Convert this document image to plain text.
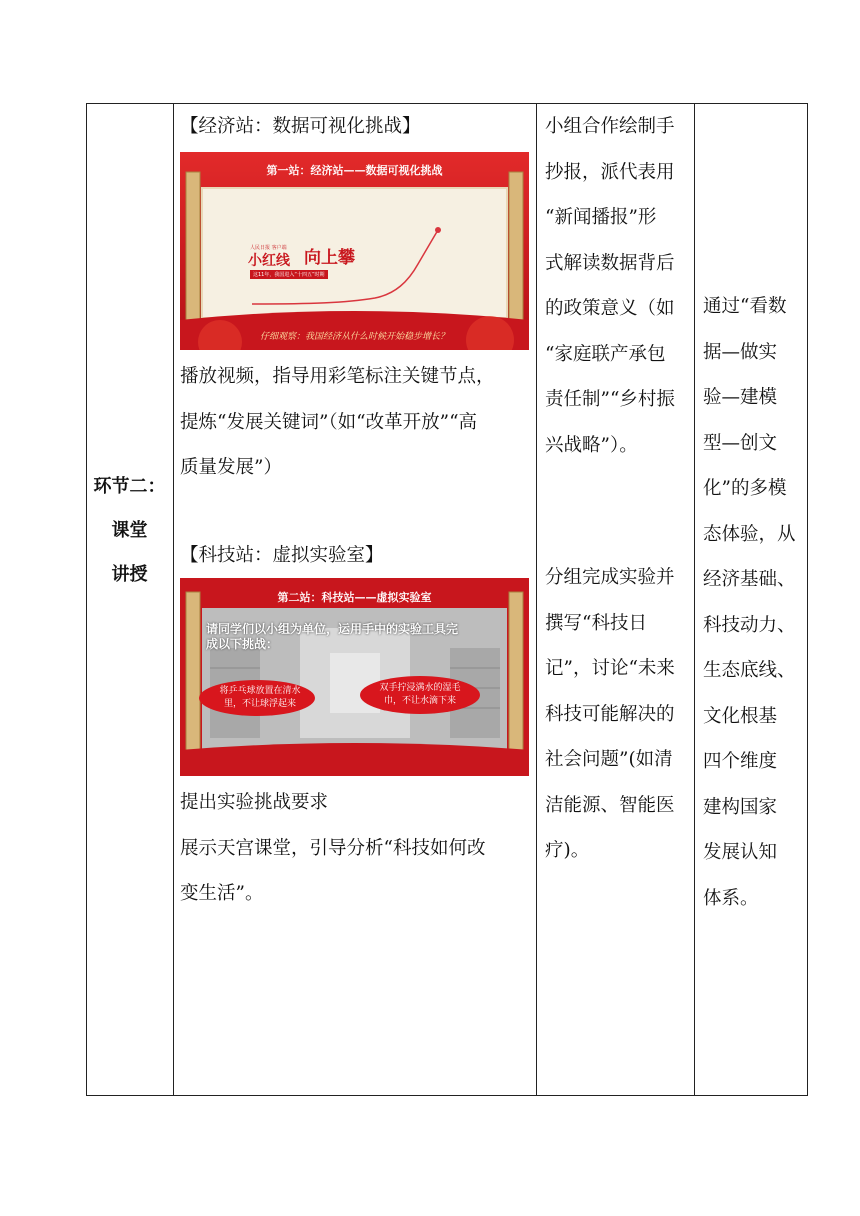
环节二：
课堂
讲授
【经济站：数据可视化挑战】
第一站：经济站——数据可视化挑战
人民日报 客户端
小红线 向上攀
这11年，我国进入“十四五”时期
仔细观察：我国经济从什么时候开始稳步增长？
播放视频，指导用彩笔标注关键节点，
提炼“发展关键词”（如“改革开放”“高
质量发展”）
【科技站：虚拟实验室】
第二站：科技站——虚拟实验室
请同学们以小组为单位，运用手中的实验工具完
成以下挑战：
将乒乓球放置在清水
里，不让球浮起来
双手拧浸满水的湿毛
巾，不让水滴下来
提出实验挑战要求
展示天宫课堂，引导分析“科技如何改
变生活”。
小组合作绘制手
抄报，派代表用
“新闻播报”形
式解读数据背后
的政策意义（如
“家庭联产承包
责任制”“乡村振
兴战略”）。
分组完成实验并
撰写“科技日
记”，讨论“未来
科技可能解决的
社会问题”(如清
洁能源、智能医
疗)。
通过“看数
据—做实
验—建模
型—创文
化”的多模
态体验，从
经济基础、
科技动力、
生态底线、
文化根基
四个维度
建构国家
发展认知
体系。
